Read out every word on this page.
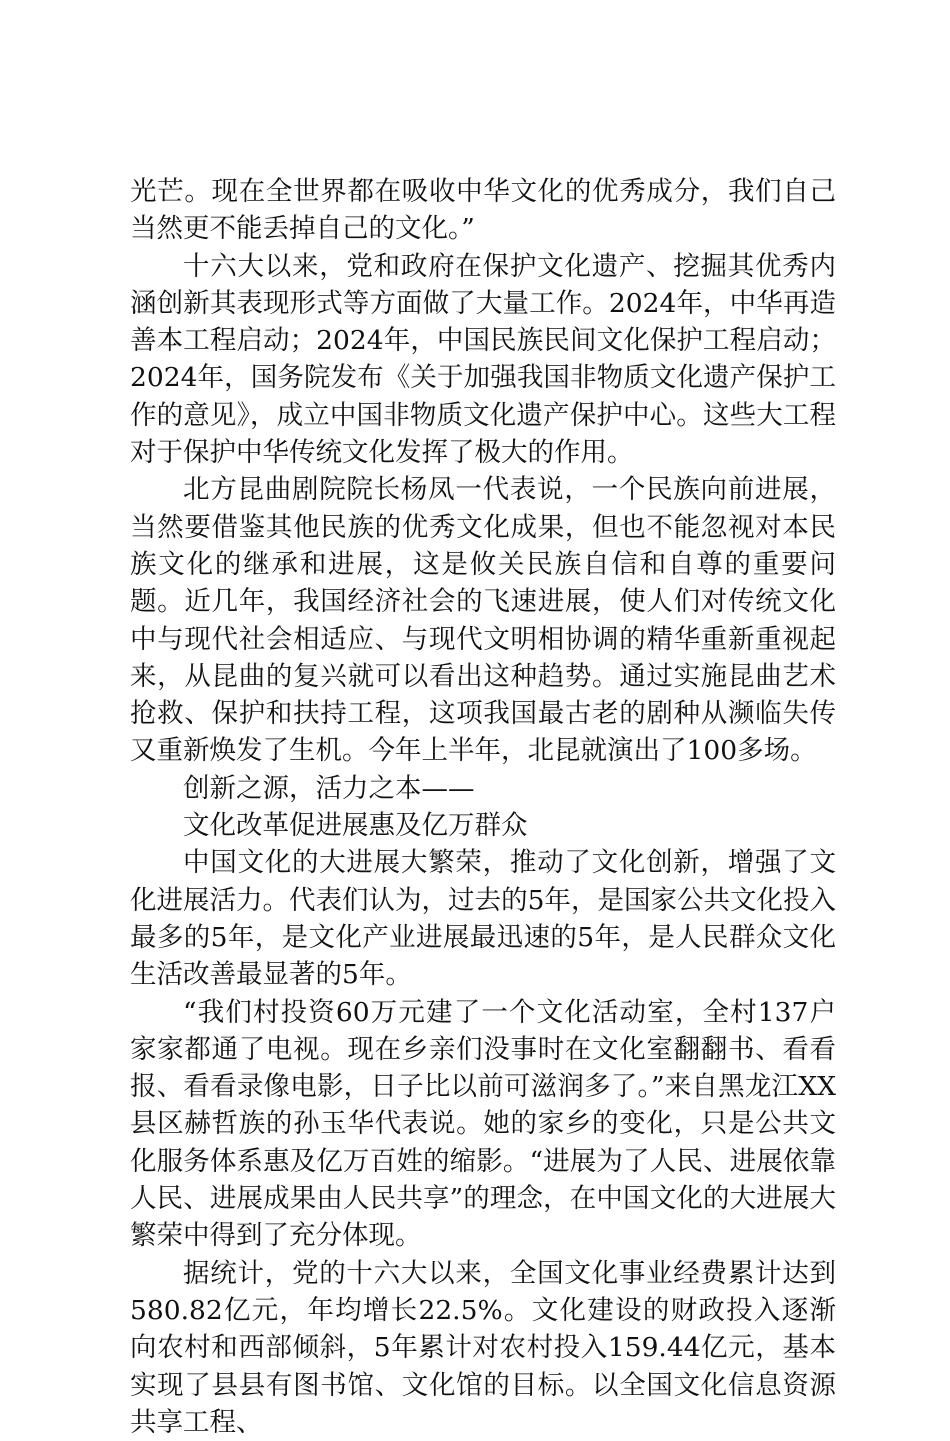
光芒。现在全世界都在吸收中华文化的优秀成分，我们自己当然更不能丢掉自己的文化。”

十六大以来，党和政府在保护文化遗产、挖掘其优秀内涵创新其表现形式等方面做了大量工作。2024年，中华再造善本工程启动；2024年，中国民族民间文化保护工程启动；2024年，国务院发布《关于加强我国非物质文化遗产保护工作的意见》，成立中国非物质文化遗产保护中心。这些大工程对于保护中华传统文化发挥了极大的作用。

北方昆曲剧院院长杨凤一代表说，一个民族向前进展，当然要借鉴其他民族的优秀文化成果，但也不能忽视对本民族文化的继承和进展，这是攸关民族自信和自尊的重要问题。近几年，我国经济社会的飞速进展，使人们对传统文化中与现代社会相适应、与现代文明相协调的精华重新重视起来，从昆曲的复兴就可以看出这种趋势。通过实施昆曲艺术抢救、保护和扶持工程，这项我国最古老的剧种从濒临失传又重新焕发了生机。今年上半年，北昆就演出了100多场。

创新之源，活力之本——

文化改革促进展惠及亿万群众

中国文化的大进展大繁荣，推动了文化创新，增强了文化进展活力。代表们认为，过去的5年，是国家公共文化投入最多的5年，是文化产业进展最迅速的5年，是人民群众文化生活改善最显著的5年。

“我们村投资60万元建了一个文化活动室，全村137户家家都通了电视。现在乡亲们没事时在文化室翻翻书、看看报、看看录像电影，日子比以前可滋润多了。”来自黑龙江XX县区赫哲族的孙玉华代表说。她的家乡的变化，只是公共文化服务体系惠及亿万百姓的缩影。“进展为了人民、进展依靠人民、进展成果由人民共享”的理念，在中国文化的大进展大繁荣中得到了充分体现。

据统计，党的十六大以来，全国文化事业经费累计达到580.82亿元，年均增长22.5%。文化建设的财政投入逐渐向农村和西部倾斜，5年累计对农村投入159.44亿元，基本实现了县县有图书馆、文化馆的目标。以全国文化信息资源共享工程、
